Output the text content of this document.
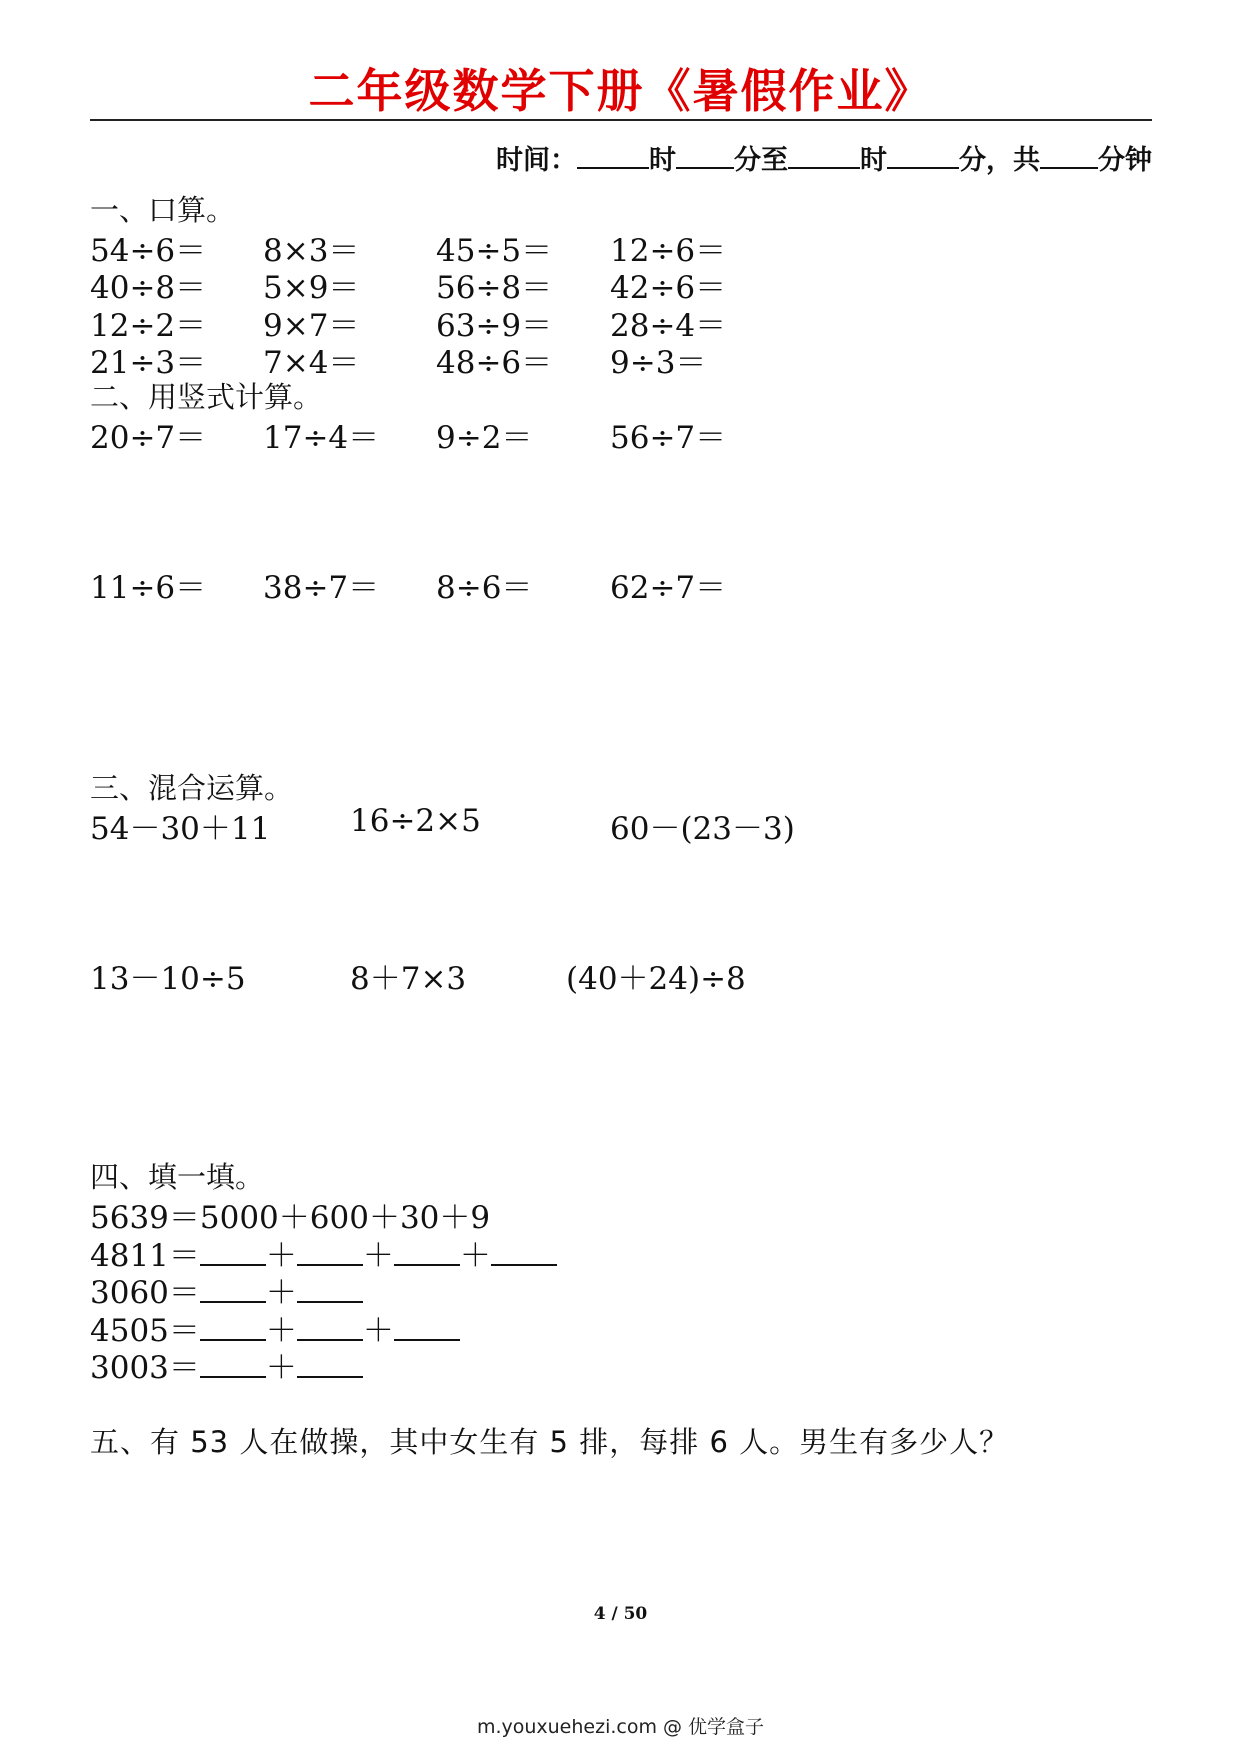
二年级数学下册《暑假作业》
时间：	时 分至	时	分，共 分钟
一、口算。
54÷6＝ 8×3＝ 45÷5＝ 12÷6＝
40÷8＝ 5×9＝ 56÷8＝ 42÷6＝
12÷2＝ 9×7＝ 63÷9＝ 28÷4＝
21÷3＝ 7×4＝ 48÷6＝ 9÷3＝
二、用竖式计算。
20÷7＝ 17÷4＝ 9÷2＝	56÷7＝
11÷6＝ 38÷7＝ 8÷6＝	62÷7＝
三、混合运算。
54－30＋11	16÷2×5	60－(23－3)
13－10÷5	8＋7×3	(40＋24)÷8
四、填一填。
5639＝5000＋600＋30＋9
4811＝ ＋ ＋ ＋
3060＝ ＋
4505＝ ＋ ＋
3003＝ ＋
五、有 53 人在做操，其中女生有 5 排，每排 6 人。男生有多少人？
4 / 50
m.youxuehezi.com @ 优学盒子
